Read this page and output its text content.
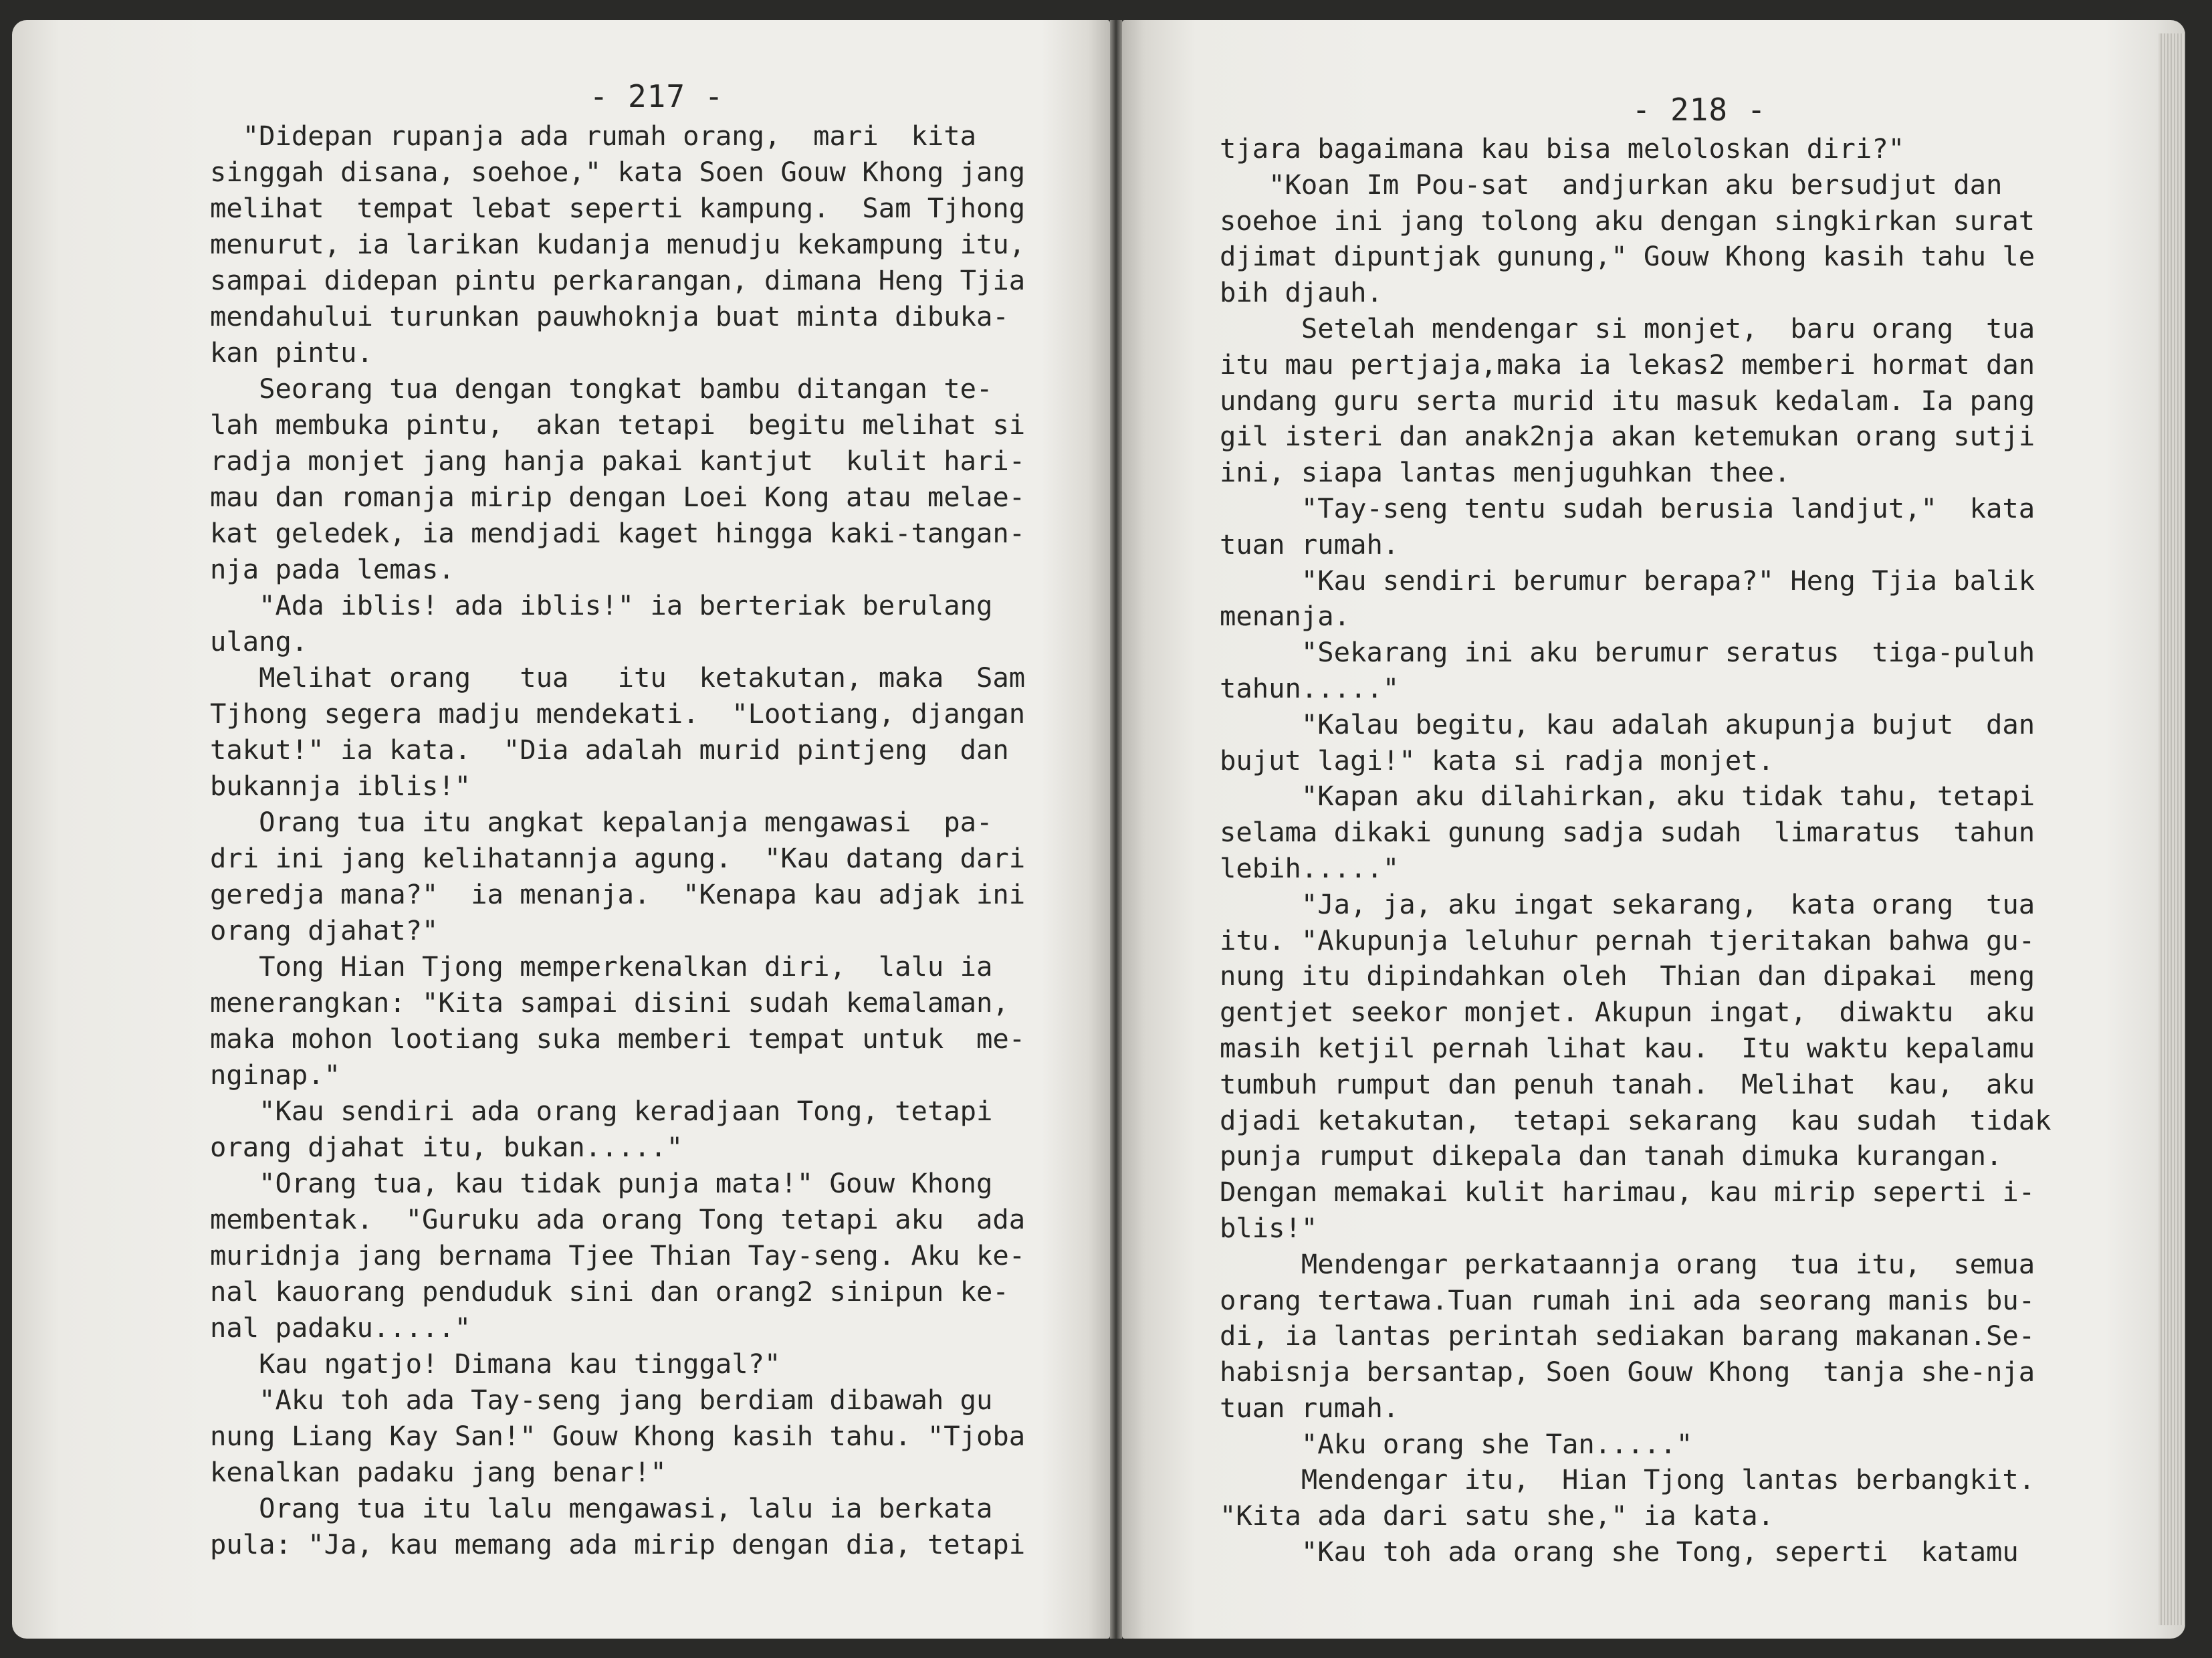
- 217 -
"Didepan rupanja ada rumah orang,  mari  kita
singgah disana, soehoe," kata Soen Gouw Khong jang
melihat  tempat lebat seperti kampung.  Sam Tjhong
menurut, ia larikan kudanja menudju kekampung itu,
sampai didepan pintu perkarangan, dimana Heng Tjia
mendahului turunkan pauwhoknja buat minta dibuka-
kan pintu.
Seorang tua dengan tongkat bambu ditangan te-
lah membuka pintu,  akan tetapi  begitu melihat si
radja monjet jang hanja pakai kantjut  kulit hari-
mau dan romanja mirip dengan Loei Kong atau melae-
kat geledek, ia mendjadi kaget hingga kaki-tangan-
nja pada lemas.
"Ada iblis! ada iblis!" ia berteriak berulang
ulang.
Melihat orang   tua   itu  ketakutan, maka  Sam
Tjhong segera madju mendekati.  "Lootiang, djangan
takut!" ia kata.  "Dia adalah murid pintjeng  dan
bukannja iblis!"
Orang tua itu angkat kepalanja mengawasi  pa-
dri ini jang kelihatannja agung.  "Kau datang dari
geredja mana?"  ia menanja.  "Kenapa kau adjak ini
orang djahat?"
Tong Hian Tjong memperkenalkan diri,  lalu ia
menerangkan: "Kita sampai disini sudah kemalaman,
maka mohon lootiang suka memberi tempat untuk  me-
nginap."
"Kau sendiri ada orang keradjaan Tong, tetapi
orang djahat itu, bukan....."
"Orang tua, kau tidak punja mata!" Gouw Khong
membentak.  "Guruku ada orang Tong tetapi aku  ada
muridnja jang bernama Tjee Thian Tay-seng. Aku ke-
nal kauorang penduduk sini dan orang2 sinipun ke-
nal padaku....."
Kau ngatjo! Dimana kau tinggal?"
"Aku toh ada Tay-seng jang berdiam dibawah gu
nung Liang Kay San!" Gouw Khong kasih tahu. "Tjoba
kenalkan padaku jang benar!"
Orang tua itu lalu mengawasi, lalu ia berkata
pula: "Ja, kau memang ada mirip dengan dia, tetapi
- 218 -
tjara bagaimana kau bisa meloloskan diri?"
"Koan Im Pou-sat  andjurkan aku bersudjut dan
soehoe ini jang tolong aku dengan singkirkan surat
djimat dipuntjak gunung," Gouw Khong kasih tahu le
bih djauh.
Setelah mendengar si monjet,  baru orang  tua
itu mau pertjaja,maka ia lekas2 memberi hormat dan
undang guru serta murid itu masuk kedalam. Ia pang
gil isteri dan anak2nja akan ketemukan orang sutji
ini, siapa lantas menjuguhkan thee.
"Tay-seng tentu sudah berusia landjut,"  kata
tuan rumah.
"Kau sendiri berumur berapa?" Heng Tjia balik
menanja.
"Sekarang ini aku berumur seratus  tiga-puluh
tahun....."
"Kalau begitu, kau adalah akupunja bujut  dan
bujut lagi!" kata si radja monjet.
"Kapan aku dilahirkan, aku tidak tahu, tetapi
selama dikaki gunung sadja sudah  limaratus  tahun
lebih....."
"Ja, ja, aku ingat sekarang,  kata orang  tua
itu. "Akupunja leluhur pernah tjeritakan bahwa gu-
nung itu dipindahkan oleh  Thian dan dipakai  meng
gentjet seekor monjet. Akupun ingat,  diwaktu  aku
masih ketjil pernah lihat kau.  Itu waktu kepalamu
tumbuh rumput dan penuh tanah.  Melihat  kau,  aku
djadi ketakutan,  tetapi sekarang  kau sudah  tidak
punja rumput dikepala dan tanah dimuka kurangan.
Dengan memakai kulit harimau, kau mirip seperti i-
blis!"
Mendengar perkataannja orang  tua itu,  semua
orang tertawa.Tuan rumah ini ada seorang manis bu-
di, ia lantas perintah sediakan barang makanan.Se-
habisnja bersantap, Soen Gouw Khong  tanja she-nja
tuan rumah.
"Aku orang she Tan....."
Mendengar itu,  Hian Tjong lantas berbangkit.
"Kita ada dari satu she," ia kata.
"Kau toh ada orang she Tong, seperti  katamu
